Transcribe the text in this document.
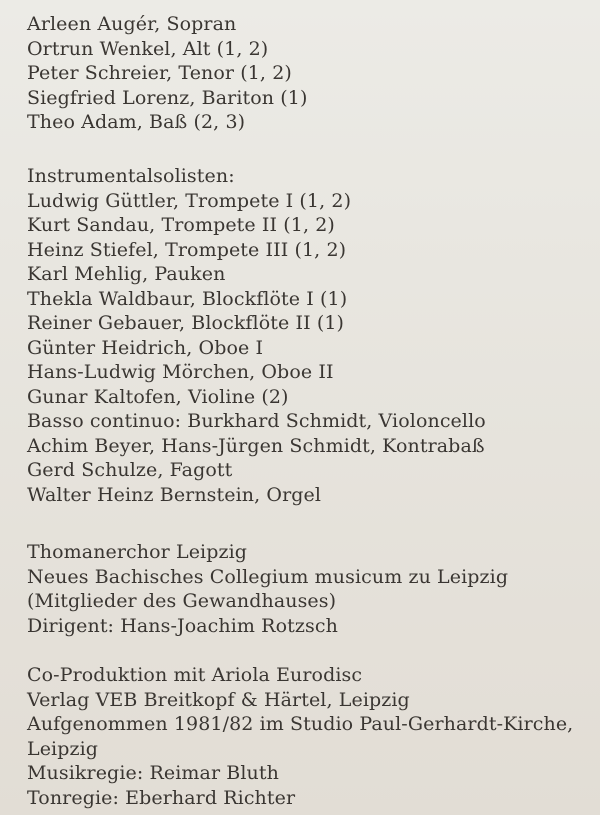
Arleen Augér, Sopran
Ortrun Wenkel, Alt (1, 2)
Peter Schreier, Tenor (1, 2)
Siegfried Lorenz, Bariton (1)
Theo Adam, Baß (2, 3)
Instrumentalsolisten:
Ludwig Güttler, Trompete I (1, 2)
Kurt Sandau, Trompete II (1, 2)
Heinz Stiefel, Trompete III (1, 2)
Karl Mehlig, Pauken
Thekla Waldbaur, Blockflöte I (1)
Reiner Gebauer, Blockflöte II (1)
Günter Heidrich, Oboe I
Hans-Ludwig Mörchen, Oboe II
Gunar Kaltofen, Violine (2)
Basso continuo: Burkhard Schmidt, Violoncello
Achim Beyer, Hans-Jürgen Schmidt, Kontrabaß
Gerd Schulze, Fagott
Walter Heinz Bernstein, Orgel
Thomanerchor Leipzig
Neues Bachisches Collegium musicum zu Leipzig
(Mitglieder des Gewandhauses)
Dirigent: Hans-Joachim Rotzsch
Co-Produktion mit Ariola Eurodisc
Verlag VEB Breitkopf & Härtel, Leipzig
Aufgenommen 1981/82 im Studio Paul-Gerhardt-Kirche,
Leipzig
Musikregie: Reimar Bluth
Tonregie: Eberhard Richter
